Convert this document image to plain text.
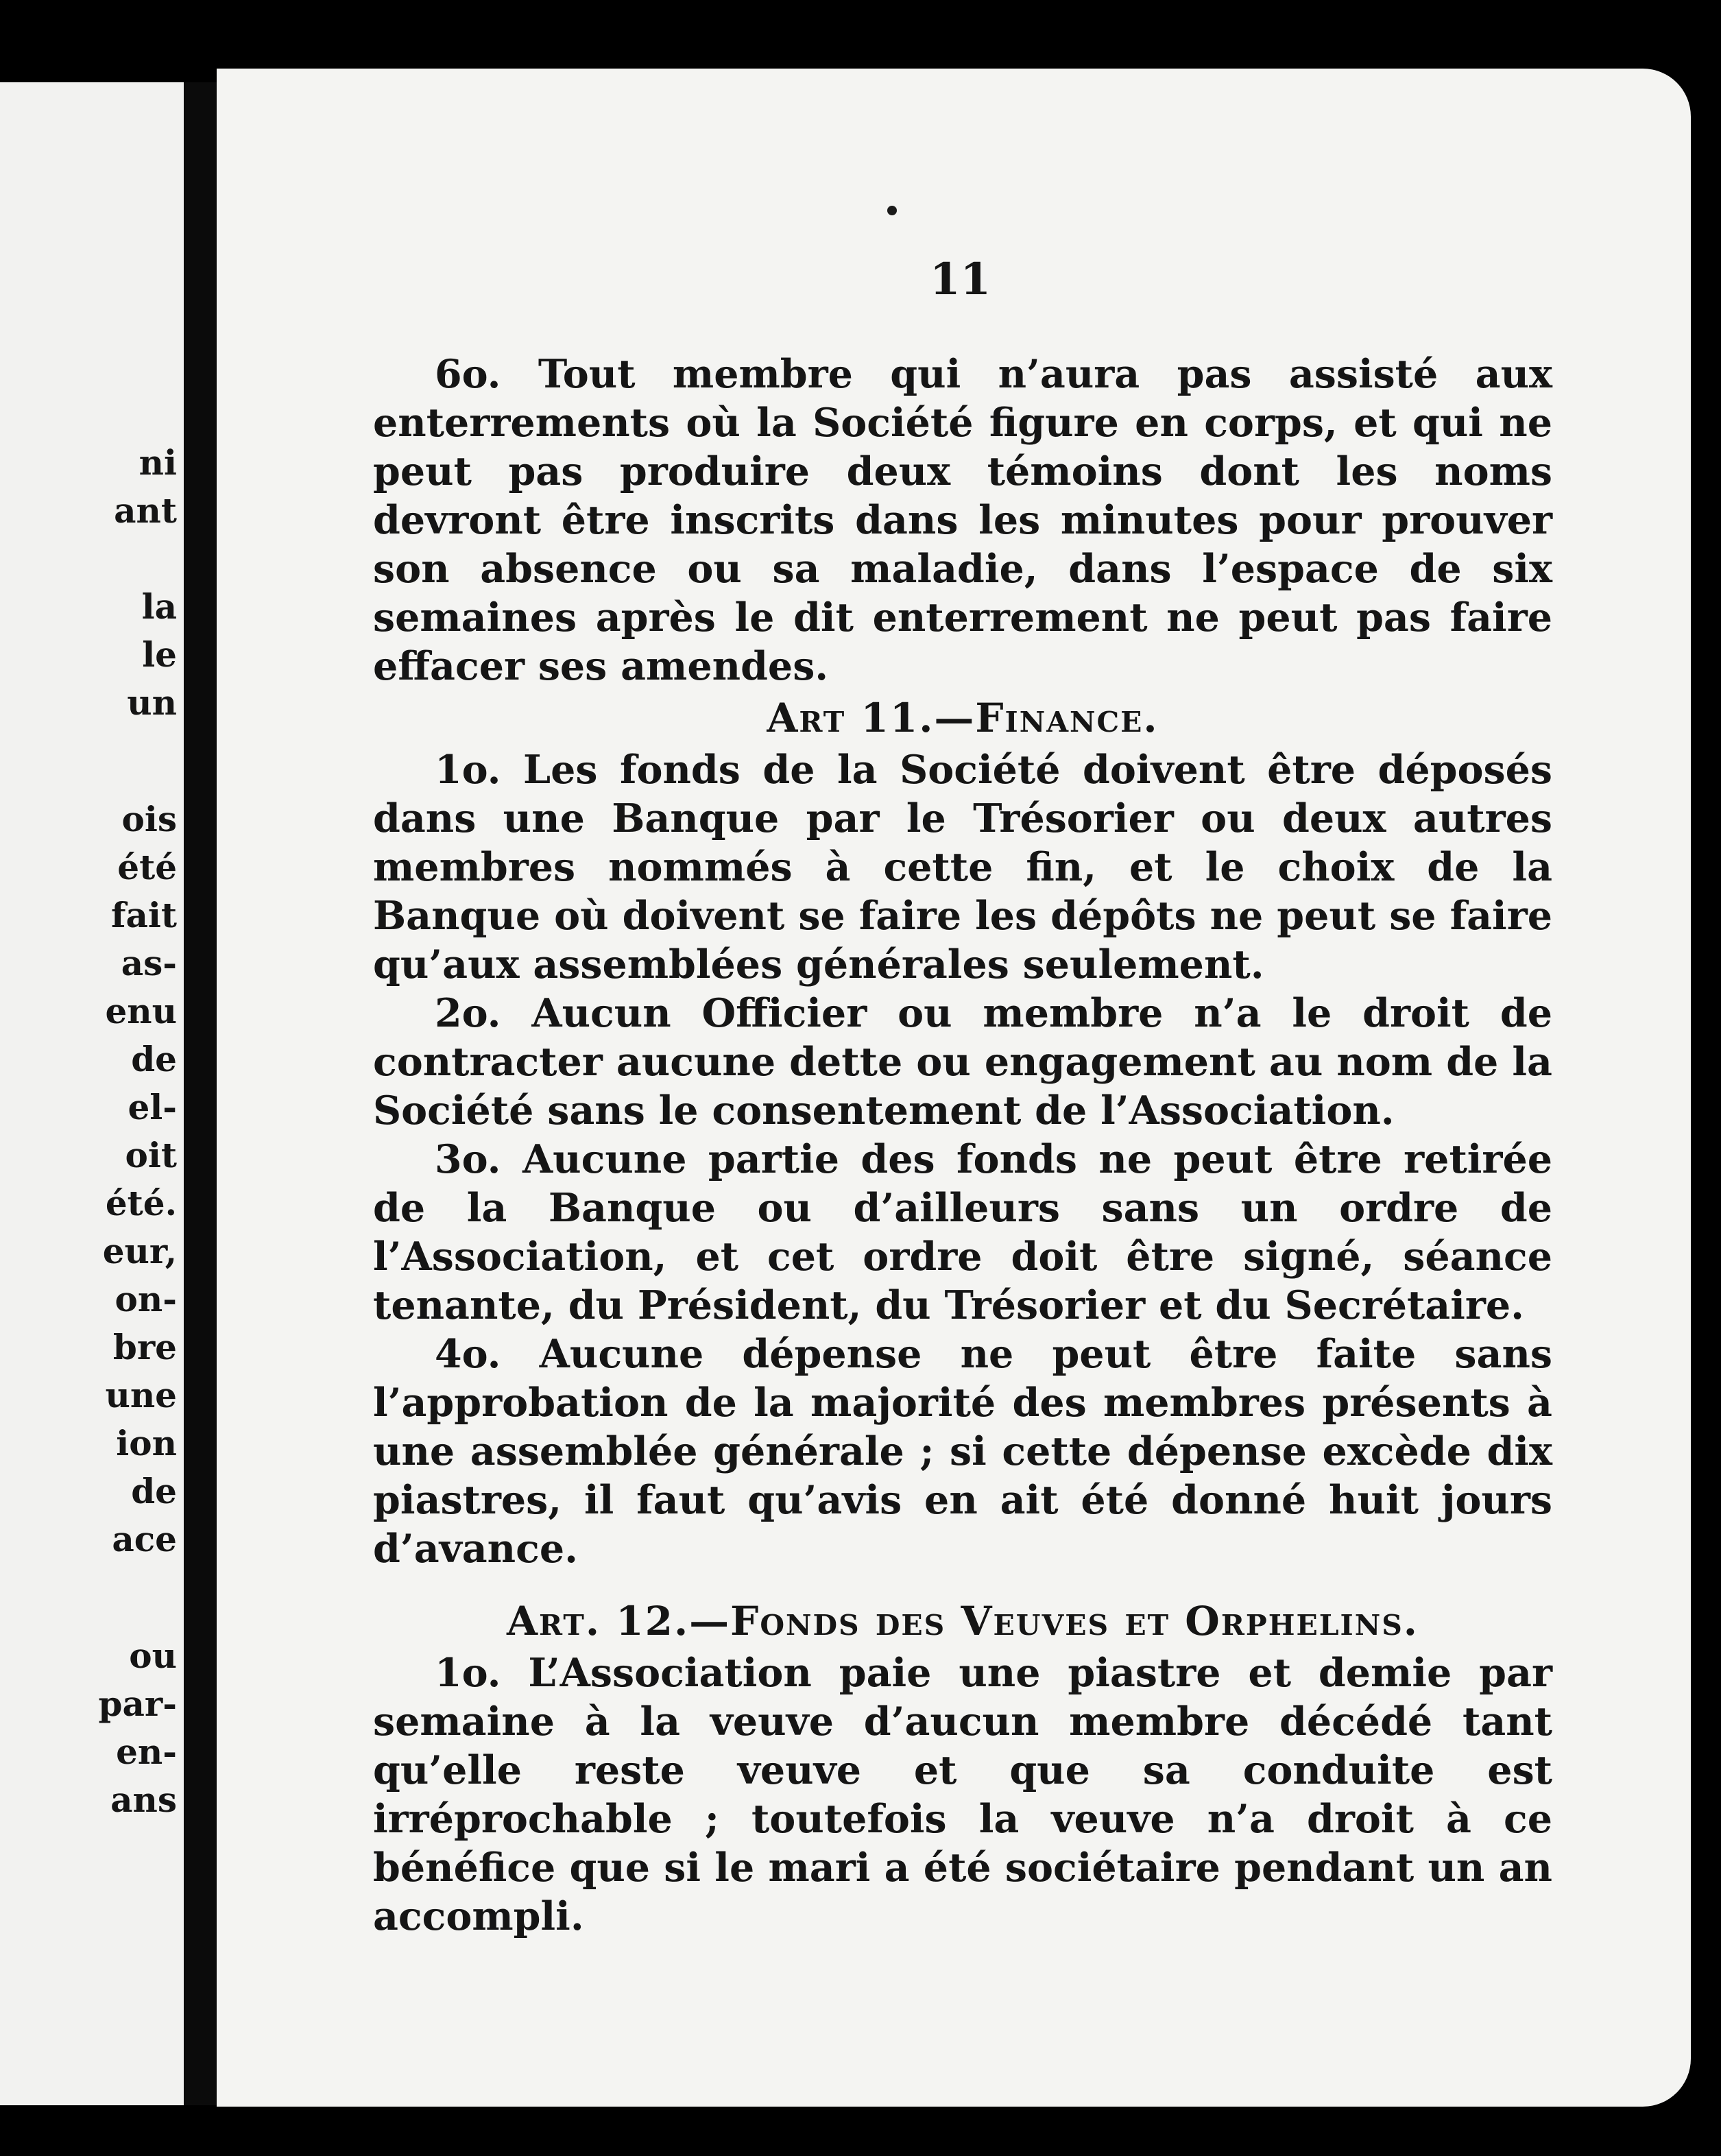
ni
ant
la
le
un
ois
été
fait
as-
enu
de
el-
oit
été.
eur,
on-
bre
une
ion
de
ace
ou
par-
en-
ans
11

6o. Tout membre qui n’aura pas assisté aux enterrements où la Société figure en corps, et qui ne peut pas produire deux témoins dont les noms devront être inscrits dans les minutes pour prouver son absence ou sa maladie, dans l’espace de six semaines après le dit enterrement ne peut pas faire effacer ses amendes.

Art 11.—Finance.

1o. Les fonds de la Société doivent être déposés dans une Banque par le Trésorier ou deux autres membres nommés à cette fin, et le choix de la Banque où doivent se faire les dépôts ne peut se faire qu’aux assemblées générales seulement.

2o. Aucun Officier ou membre n’a le droit de contracter aucune dette ou engagement au nom de la Société sans le consentement de l’Association.

3o. Aucune partie des fonds ne peut être retirée de la Banque ou d’ailleurs sans un ordre de l’Association, et cet ordre doit être signé, séance tenante, du Président, du Trésorier et du Secrétaire.

4o. Aucune dépense ne peut être faite sans l’approbation de la majorité des membres présents à une assemblée générale ; si cette dépense excède dix piastres, il faut qu’avis en ait été donné huit jours d’avance.

Art. 12.—Fonds des Veuves et Orphelins.

1o. L’Association paie une piastre et demie par semaine à la veuve d’aucun membre décédé tant qu’elle reste veuve et que sa conduite est irréprochable ; toutefois la veuve n’a droit à ce bénéfice que si le mari a été sociétaire pendant un an accompli.
